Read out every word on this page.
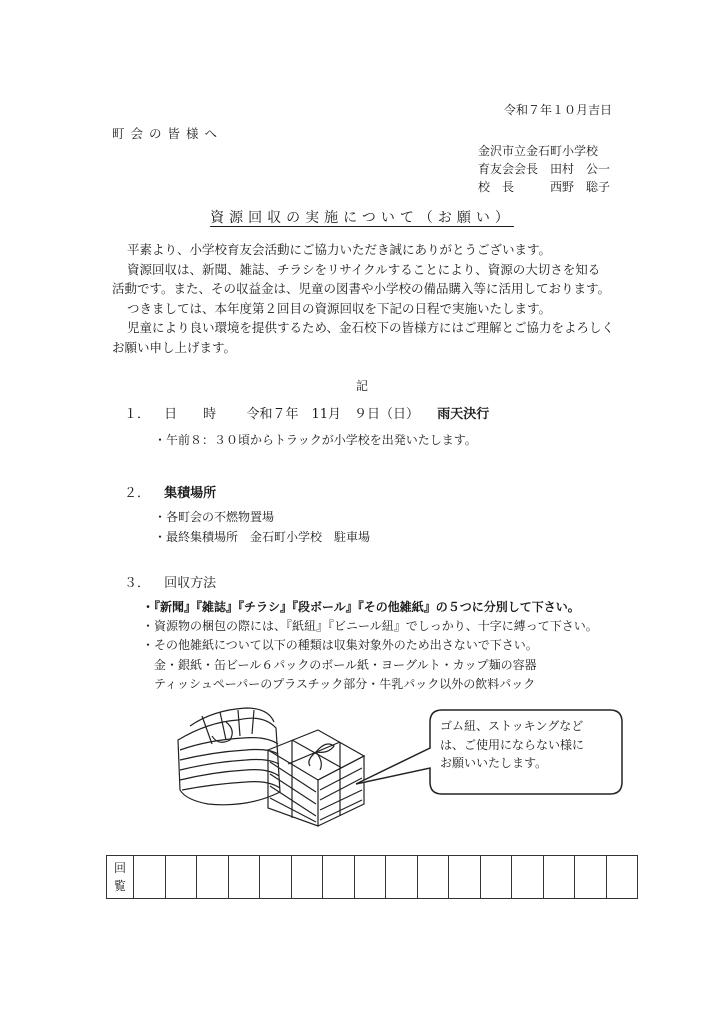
令和７年１０月吉日
町会の皆様へ
金沢市立金石町小学校
育友会会長　田村　公一
校　長　　　西野　聡子
資源回収の実施について（お願い）

平素より、小学校育友会活動にご協力いただき誠にありがとうございます。

資源回収は、新聞、雑誌、チラシをリサイクルすることにより、資源の大切さを知る

活動です。また、その収益金は、児童の図書や小学校の備品購入等に活用しております。

つきましては、本年度第２回目の資源回収を下記の日程で実施いたします。

児童により良い環境を提供するため、金石校下の皆様方にはご理解とご協力をよろしく

お願い申し上げます。

記
１． 日　　時 令和７年　11月　９日（日） 雨天決行
・午前８：３０頃からトラックが小学校を出発いたします。
２． 集積場所
・各町会の不燃物置場
・最終集積場所　金石町小学校　駐車場
３． 回収方法
・『新聞』『雑誌』『チラシ』『段ボール』『その他雑紙』の５つに分別して下さい。
・資源物の梱包の際には、『紙紐』『ビニール紐』でしっかり、十字に縛って下さい。
・その他雑紙について以下の種類は収集対象外のため出さないで下さい。
金・銀紙・缶ビール６パックのボール紙・ヨーグルト・カップ麺の容器
ティッシュペーパーのプラスチック部分・牛乳パック以外の飲料パック
ゴム紐、ストッキングなど
は、ご使用にならない様に
お願いいたします。
回
覧
